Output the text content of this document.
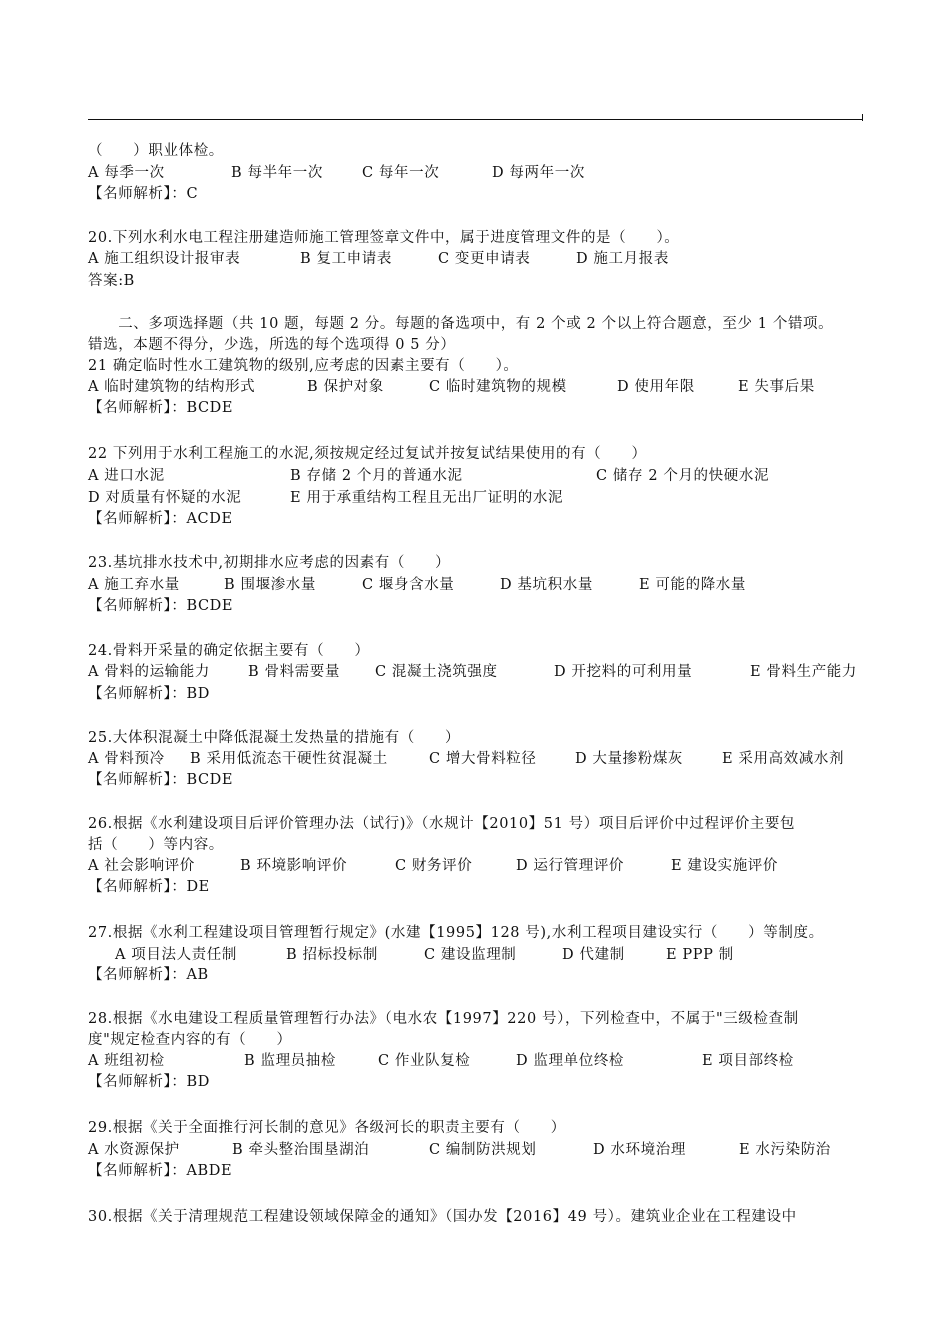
（　　）职业体检。
A 每季一次	B 每半年一次	C 每年一次	D 每两年一次
【名师解析】：C
20.下列水利水电工程注册建造师施工管理签章文件中，属于进度管理文件的是（　　）。
A 施工组织设计报审表	B 复工申请表	C 变更申请表	D 施工月报表
答案:B
　　二、多项选择题（共 10 题，每题 2 分。每题的备选项中，有 2 个或 2 个以上符合题意，至少 1 个错项。
错选，本题不得分，少选，所选的每个选项得 0 5 分）
21 确定临时性水工建筑物的级别,应考虑的因素主要有（　　）。
A 临时建筑物的结构形式	B 保护对象	C 临时建筑物的规模	D 使用年限	E 失事后果
【名师解析】：BCDE
22 下列用于水利工程施工的水泥,须按规定经过复试并按复试结果使用的有（　　）
A 进口水泥	B 存储 2 个月的普通水泥	C 储存 2 个月的快硬水泥
D 对质量有怀疑的水泥	E 用于承重结构工程且无出厂证明的水泥
【名师解析】：ACDE
23.基坑排水技术中,初期排水应考虑的因素有（　　）
A 施工弃水量	B 围堰渗水量	C 堰身含水量	D 基坑积水量	E 可能的降水量
【名师解析】：BCDE
24.骨料开采量的确定依据主要有（　　）
A 骨料的运输能力	B 骨料需要量 C 混凝土浇筑强度	D 开挖料的可利用量	E 骨料生产能力
【名师解析】：BD
25.大体积混凝土中降低混凝土发热量的措施有（　　）
A 骨料预冷 B 采用低流态干硬性贫混凝土	C 增大骨料粒径	D 大量掺粉煤灰	E 采用高效减水剂
【名师解析】：BCDE
26.根据《水利建设项目后评价管理办法（试行)》（水规计【2010】51 号）项目后评价中过程评价主要包
括（　　）等内容。
A 社会影响评价	B 环境影响评价	C 财务评价	D 运行管理评价	E 建设实施评价
【名师解析】：DE
27.根据《水利工程建设项目管理暂行规定》(水建【1995】128 号),水利工程项目建设实行（　　）等制度。
A 项目法人责任制	B 招标投标制	C 建设监理制	D 代建制	E PPP 制
【名师解析】：AB
28.根据《水电建设工程质量管理暂行办法》（电水农【1997】220 号），下列检查中，不属于"三级检查制
度"规定检查内容的有（　　）
A 班组初检	B 监理员抽检	C 作业队复检	D 监理单位终检	E 项目部终检
【名师解析】：BD
29.根据《关于全面推行河长制的意见》各级河长的职责主要有（　　）
A 水资源保护	B 牵头整治围垦湖泊	C 编制防洪规划	D 水环境治理	E 水污染防治
【名师解析】：ABDE
30.根据《关于清理规范工程建设领域保障金的通知》（国办发【2016】49 号）。建筑业企业在工程建设中
